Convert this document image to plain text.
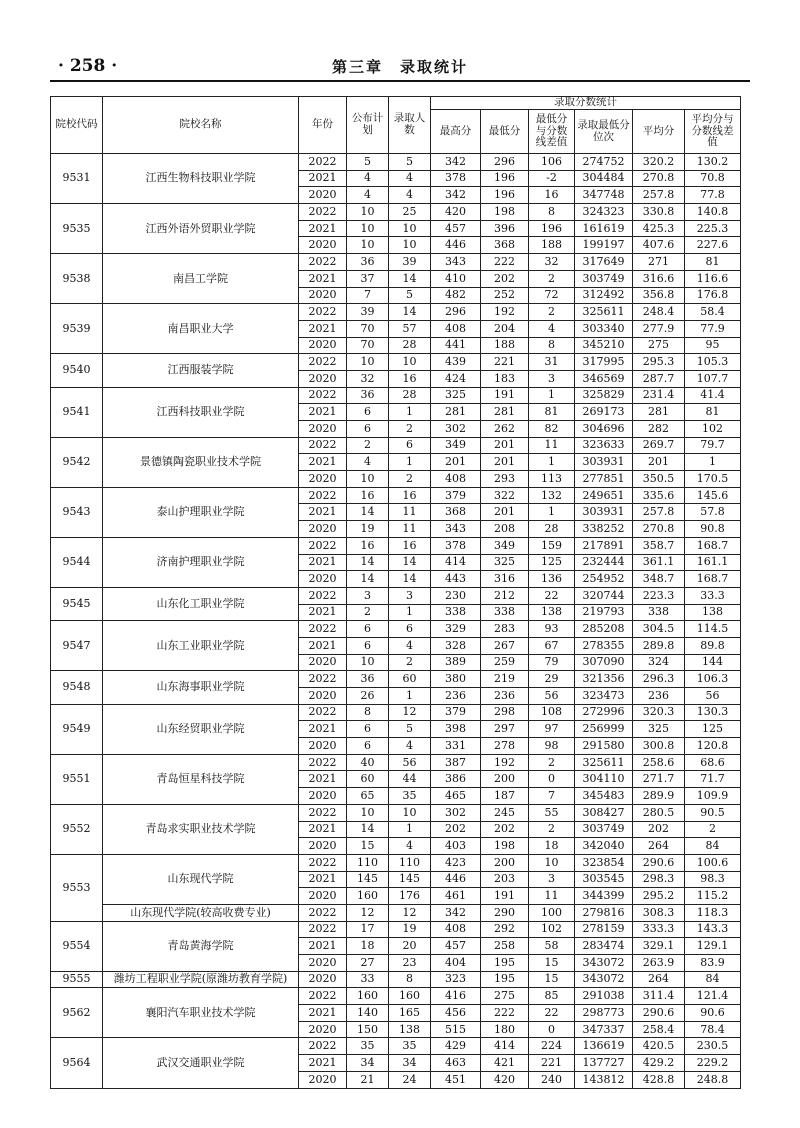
· 258 ·	第三章　录取统计
院校代码	院校名称	年份	公布计划	录取人数	录取分数统计					
					最高分	最低分	最低分与分数线差值	录取最低分位次	平均分	平均分与分数线差值
9531	江西生物科技职业学院	2022	5	5	342	296	106	274752	320.2	130.2
		2021	4	4	378	196	-2	304484	270.8	70.8
		2020	4	4	342	196	16	347748	257.8	77.8
9535	江西外语外贸职业学院	2022	10	25	420	198	8	324323	330.8	140.8
		2021	10	10	457	396	196	161619	425.3	225.3
		2020	10	10	446	368	188	199197	407.6	227.6
9538	南昌工学院	2022	36	39	343	222	32	317649	271	81
		2021	37	14	410	202	2	303749	316.6	116.6
		2020	7	5	482	252	72	312492	356.8	176.8
9539	南昌职业大学	2022	39	14	296	192	2	325611	248.4	58.4
		2021	70	57	408	204	4	303340	277.9	77.9
		2020	70	28	441	188	8	345210	275	95
9540	江西服装学院	2022	10	10	439	221	31	317995	295.3	105.3
		2020	32	16	424	183	3	346569	287.7	107.7
9541	江西科技职业学院	2022	36	28	325	191	1	325829	231.4	41.4
		2021	6	1	281	281	81	269173	281	81
		2020	6	2	302	262	82	304696	282	102
9542	景德镇陶瓷职业技术学院	2022	2	6	349	201	11	323633	269.7	79.7
		2021	4	1	201	201	1	303931	201	1
		2020	10	2	408	293	113	277851	350.5	170.5
9543	泰山护理职业学院	2022	16	16	379	322	132	249651	335.6	145.6
		2021	14	11	368	201	1	303931	257.8	57.8
		2020	19	11	343	208	28	338252	270.8	90.8
9544	济南护理职业学院	2022	16	16	378	349	159	217891	358.7	168.7
		2021	14	14	414	325	125	232444	361.1	161.1
		2020	14	14	443	316	136	254952	348.7	168.7
9545	山东化工职业学院	2022	3	3	230	212	22	320744	223.3	33.3
		2021	2	1	338	338	138	219793	338	138
9547	山东工业职业学院	2022	6	6	329	283	93	285208	304.5	114.5
		2021	6	4	328	267	67	278355	289.8	89.8
		2020	10	2	389	259	79	307090	324	144
9548	山东海事职业学院	2022	36	60	380	219	29	321356	296.3	106.3
		2020	26	1	236	236	56	323473	236	56
9549	山东经贸职业学院	2022	8	12	379	298	108	272996	320.3	130.3
		2021	6	5	398	297	97	256999	325	125
		2020	6	4	331	278	98	291580	300.8	120.8
9551	青岛恒星科技学院	2022	40	56	387	192	2	325611	258.6	68.6
		2021	60	44	386	200	0	304110	271.7	71.7
		2020	65	35	465	187	7	345483	289.9	109.9
9552	青岛求实职业技术学院	2022	10	10	302	245	55	308427	280.5	90.5
		2021	14	1	202	202	2	303749	202	2
		2020	15	4	403	198	18	342040	264	84
9553	山东现代学院	2022	110	110	423	200	10	323854	290.6	100.6
		2021	145	145	446	203	3	303545	298.3	98.3
		2020	160	176	461	191	11	344399	295.2	115.2
	山东现代学院(较高收费专业)	2022	12	12	342	290	100	279816	308.3	118.3
9554	青岛黄海学院	2022	17	19	408	292	102	278159	333.3	143.3
		2021	18	20	457	258	58	283474	329.1	129.1
		2020	27	23	404	195	15	343072	263.9	83.9
9555	潍坊工程职业学院(原潍坊教育学院)	2020	33	8	323	195	15	343072	264	84
9562	襄阳汽车职业技术学院	2022	160	160	416	275	85	291038	311.4	121.4
		2021	140	165	456	222	22	298773	290.6	90.6
		2020	150	138	515	180	0	347337	258.4	78.4
9564	武汉交通职业学院	2022	35	35	429	414	224	136619	420.5	230.5
		2021	34	34	463	421	221	137727	429.2	229.2
		2020	21	24	451	420	240	143812	428.8	248.8
